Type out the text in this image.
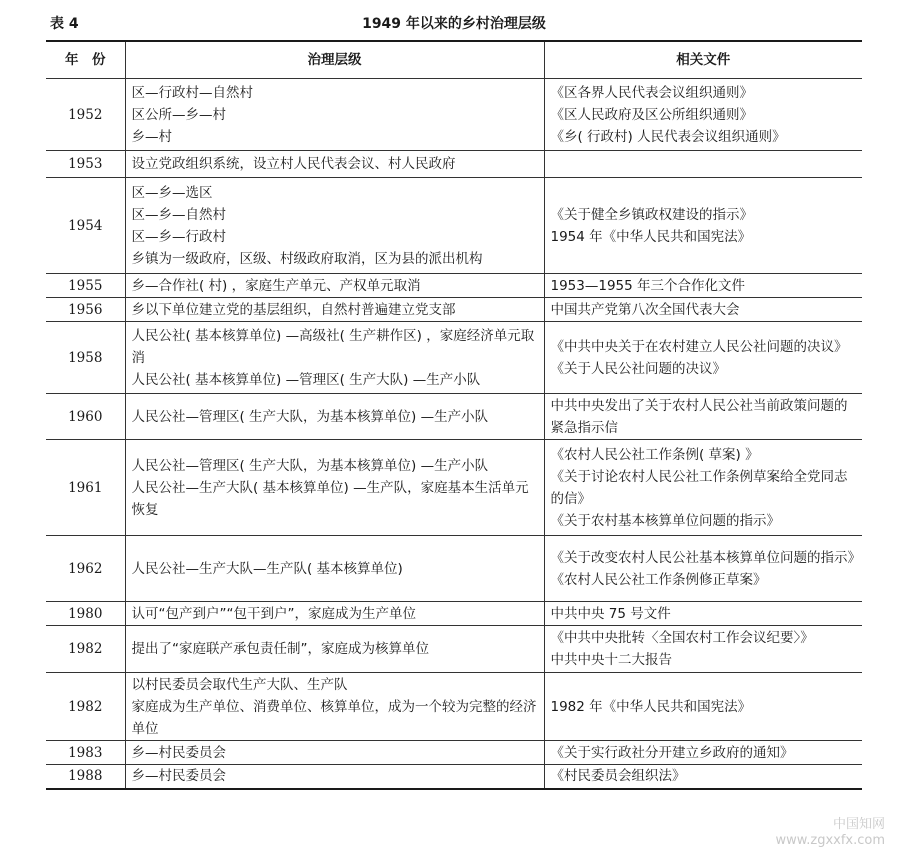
表 4	1949 年以来的乡村治理层级
年　份	治理层级	相关文件
1952	区—行政村—自然村
区公所—乡—村
乡—村	《区各界人民代表会议组织通则》
《区人民政府及区公所组织通则》
《乡( 行政村) 人民代表会议组织通则》

1953	设立党政组织系统，设立村人民代表会议、村人民政府	

1954	区—乡—选区
区—乡—自然村
区—乡—行政村
乡镇为一级政府，区级、村级政府取消，区为县的派出机构	《关于健全乡镇政权建设的指示》
1954 年《中华人民共和国宪法》

1955	乡—合作社( 村) ，家庭生产单元、产权单元取消	1953—1955 年三个合作化文件

1956	乡以下单位建立党的基层组织，自然村普遍建立党支部	中国共产党第八次全国代表大会

1958	人民公社( 基本核算单位) —高级社( 生产耕作区) ，家庭经济单元取消
人民公社( 基本核算单位) —管理区( 生产大队) —生产小队	《中共中央关于在农村建立人民公社问题的决议》
《关于人民公社问题的决议》

1960	人民公社—管理区( 生产大队，为基本核算单位) —生产小队	中共中央发出了关于农村人民公社当前政策问题的紧急指示信

1961	人民公社—管理区( 生产大队，为基本核算单位) —生产小队
人民公社—生产大队( 基本核算单位) —生产队，家庭基本生活单元恢复	《农村人民公社工作条例( 草案) 》
《关于讨论农村人民公社工作条例草案给全党同志的信》
《关于农村基本核算单位问题的指示》

1962	人民公社—生产大队—生产队( 基本核算单位)	《关于改变农村人民公社基本核算单位问题的指示》
《农村人民公社工作条例修正草案》

1980	认可“包产到户”“包干到户”，家庭成为生产单位	中共中央 75 号文件

1982	提出了“家庭联产承包责任制”，家庭成为核算单位	《中共中央批转〈全国农村工作会议纪要〉》
中共中央十二大报告

1982	以村民委员会取代生产大队、生产队
家庭成为生产单位、消费单位、核算单位，成为一个较为完整的经济单位	1982 年《中华人民共和国宪法》

1983	乡—村民委员会	《关于实行政社分开建立乡政府的通知》

1988	乡—村民委员会	《村民委员会组织法》
中国知网
www.zgxxfx.com
